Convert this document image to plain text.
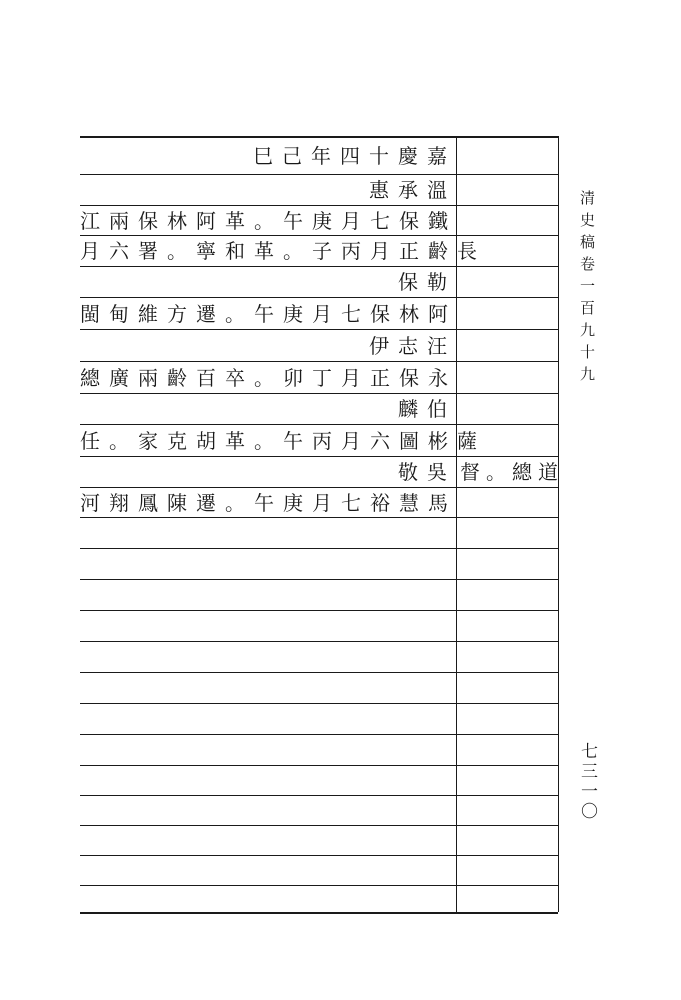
巳己年四十慶嘉
惠承溫
江兩保林阿革。午庚月七保鐵
月六署。寧和革。子丙月正齡長
保勒
閩甸維方遷。午庚月七保林阿
伊志汪
總廣兩齡百卒。卯丁月正保永
麟伯
任。家克胡革。午丙月六圖彬薩
敬吳
河翔鳳陳遷。午庚月七裕慧馬
督。總道
清史稿卷一百九十九
七三一〇
